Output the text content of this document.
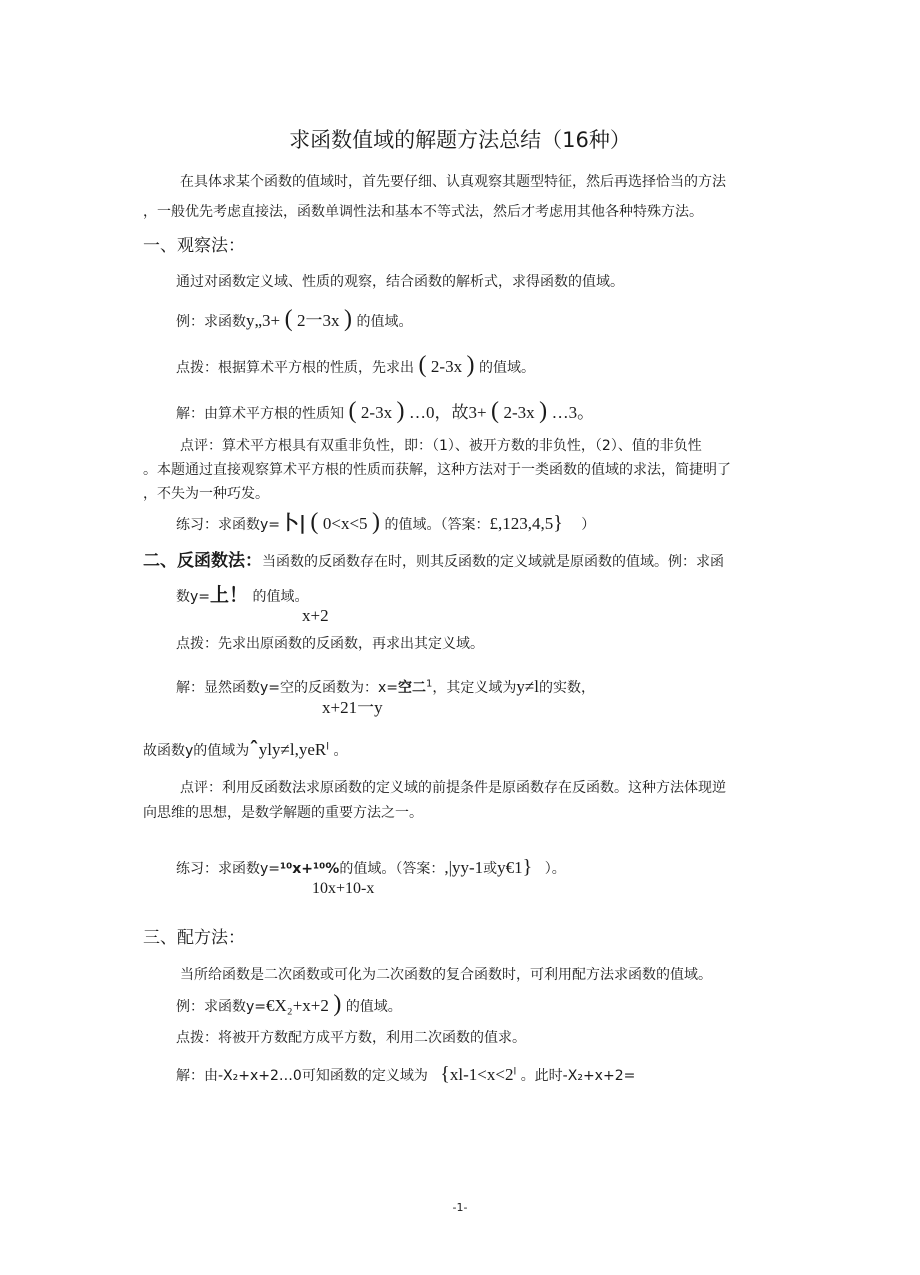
求函数值域的解题方法总结（16种）
在具体求某个函数的值域时，首先要仔细、认真观察其题型特征，然后再选择恰当的方法
，一般优先考虑直接法，函数单调性法和基本不等式法，然后才考虑用其他各种特殊方法。
一、观察法：
通过对函数定义域、性质的观察，结合函数的解析式，求得函数的值域。
例：求函数y„3+ ( 2一3x ) 的值域。
点拨：根据算术平方根的性质，先求出 ( 2-3x ) 的值域。
解：由算术平方根的性质知 ( 2-3x ) …0，故3+ ( 2-3x ) …3。
点评：算术平方根具有双重非负性，即：（1）、被开方数的非负性，（2）、值的非负性
。本题通过直接观察算术平方根的性质而获解，这种方法对于一类函数的值域的求法，简捷明了
，不失为一种巧发。
练习：求函数y=卜| ( 0<x<5 ) 的值域。（答案：£,123,4,5} ）
二、反函数法：当函数的反函数存在时，则其反函数的定义域就是原函数的值域。例：求函
数y=上！ 的值域。
x+2
点拨：先求出原函数的反函数，再求出其定义域。
解：显然函数y=空的反函数为：x=空二$^1$，其定义域为y≠l的实数，
x+21一y
故函数y的值域为ˆyly≠l,yeR$^l$ 。
点评：利用反函数法求原函数的定义域的前提条件是原函数存在反函数。这种方法体现逆
向思维的思想，是数学解题的重要方法之一。
练习：求函数y=¹⁰x+¹⁰%的值域。（答案：,|yy-1或y€1} ）。
10x+10-x
三、配方法：
当所给函数是二次函数或可化为二次函数的复合函数时，可利用配方法求函数的值域。
例：求函数y=€X₂+x+2 ) 的值域。
点拨：将被开方数配方成平方数，利用二次函数的值求。
解：由-X₂+x+2…0可知函数的定义域为 {$xl-1<x<2^l$ 。此时-X₂+x+2=
-1-
